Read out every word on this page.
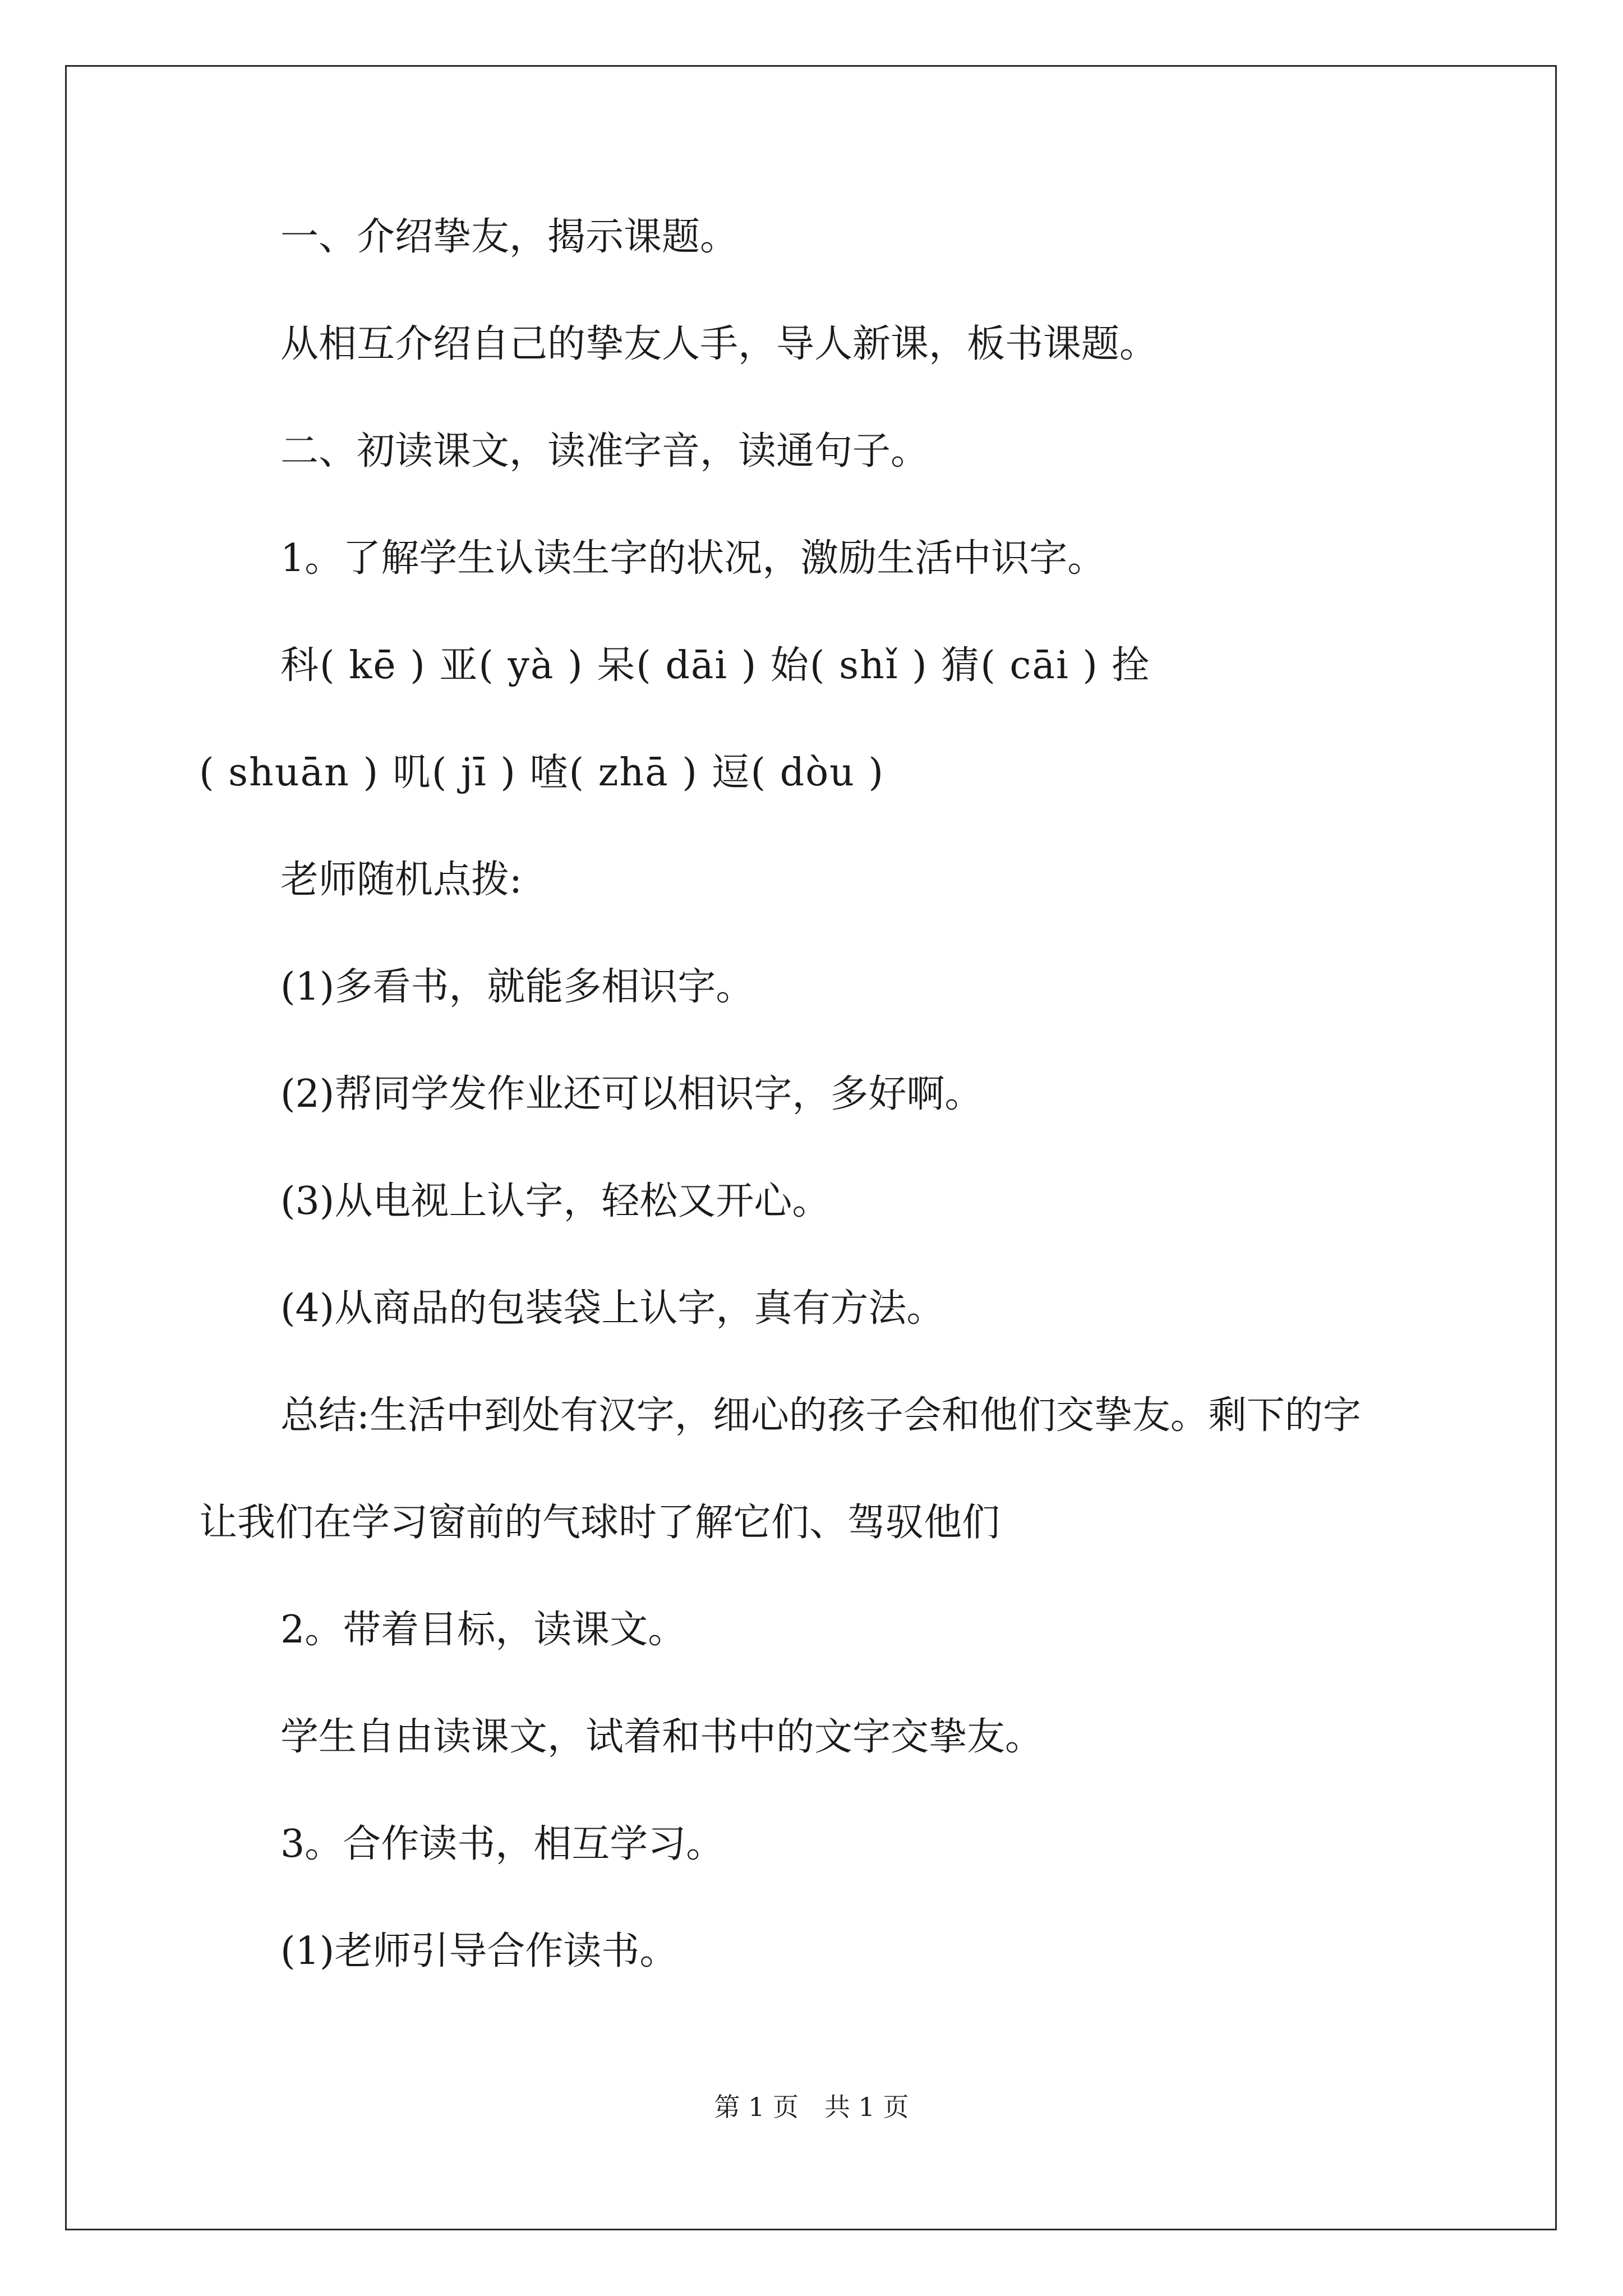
一、介绍挚友，揭示课题。

从相互介绍自己的挚友人手，导人新课，板书课题。

二、初读课文，读准字音，读通句子。

1。了解学生认读生字的状况，激励生活中识字。

科( kē ) 亚( yà ) 呆( dāi ) 始( shǐ ) 猜( cāi ) 拴

( shuān ) 叽( jī ) 喳( zhā ) 逗( dòu )

老师随机点拨:

(1)多看书，就能多相识字。

(2)帮同学发作业还可以相识字，多好啊。

(3)从电视上认字，轻松又开心。

(4)从商品的包装袋上认字，真有方法。

总结:生活中到处有汉字，细心的孩子会和他们交挚友。剩下的字

让我们在学习窗前的气球时了解它们、驾驭他们

2。带着目标，读课文。

学生自由读课文，试着和书中的文字交挚友。

3。合作读书，相互学习。

(1)老师引导合作读书。

第 1 页　共 1 页
